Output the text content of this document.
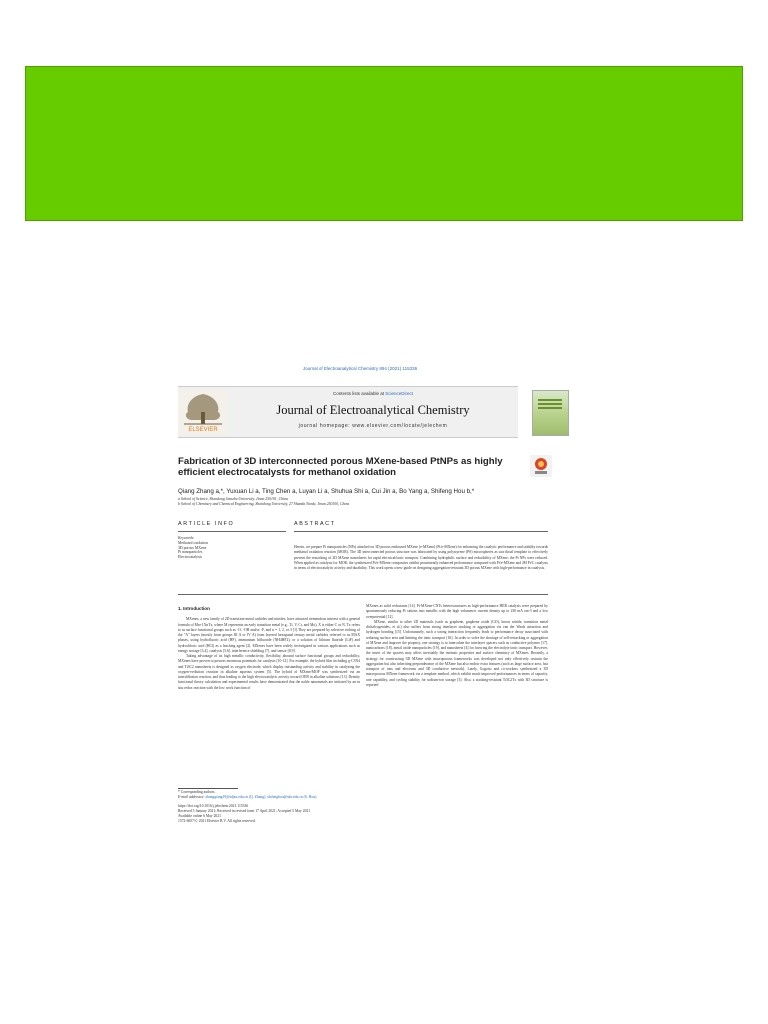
Journal of Electroanalytical Chemistry 894 (2021) 115336
ELSEVIER
Contents lists available at ScienceDirect
Journal of Electroanalytical Chemistry
journal homepage: www.elsevier.com/locate/jelechem
Fabrication of 3D interconnected porous MXene-based PtNPs as highly efficient electrocatalysts for methanol oxidation
Qiang Zhang a,*, Yuxuan Li a, Ting Chen a, Luyan Li a, Shuhua Shi a, Cui Jin a, Bo Yang a, Shifeng Hou b,*
a School of Science, Shandong Jianzhu University, Jinan 250101, China
b School of Chemistry and Chemical Engineering, Shandong University, 27 Shanda Nanlu, Jinan 250100, China
ARTICLE INFO
Keywords:
Methanol oxidation
3D porous MXene
Pt nanoparticles
Electrocatalysis
ABSTRACT
Herein, we prepare Pt nanoparticles (NPs) attached on 3D porous embossed MXene (e-MXene) (Pt/e-MXene) for enhancing the catalytic performance and stability towards methanol oxidation reaction (MOR). The 3D interconnected porous structure was fabricated by using polystyrene (PS) microspheres as sacrificial template to effectively prevent the restacking of 2D MXene nanosheets for rapid electrical/ionic transport. Combining hydrophilic surface and reducibility of MXene, the Pt NPs were reduced. When applied as catalysts for MOR, the synthesized Pt/e-MXene composites exhibit prominently enhanced performance compared with Pt/e-MXene and JM Pt/C catalysts in terms of electrocatalytic activity and durability. This work opens a new guide on designing aggregation-resistant 3D porous MXene with high-performance in catalysis.
1. Introduction

MXenes, a new family of 2D transition-metal carbides and nitrides, have attracted tremendous interest with a general formula of Mn+1XnTx, where M represents an early transition metal (e.g., Ti, V, Cr, and Mo), X is either C or N, Tx refers to as surface functional groups such as -O, -OH and/or -F, and n = 1, 2, or 3 [1].They are prepared by selective etching of the "A" layers (mostly from groups III A or IV A) from layered hexagonal ternary metal carbides referred to as MAX phases, using hydrofluoric acid (HF), ammonium bifluoride (NH4HF2), or a solution of lithium fluoride (LiF) and hydrochloric acid (HCl) as a leaching agent [2]. MXenes have been widely investigated in various applications such as energy storage [3,4], catalysis [5,6], interference shielding [7], and sensor [8,9].

Taking advantage of its high metallic conductivity, flexibility, abound surface functional groups and reducibility, MXenes have proven to possess enormous potentials for catalysis [10-12]. For example, the hybrid film including g-C3N4 and Ti3C2 nanosheets is designed as oxygen electrode, which display outstanding activity and stability in catalyzing the oxygen-evolution reaction in alkaline aqueous system [5]. The hybrid of MXene/MOF was synthesized via an interdiffusion reaction, and thus leading to the high electrocatalytic activity toward OER in alkaline solutions [13]. Density functional theory calculation and experimental results have demonstrated that the noble nanometals are initiated by an in situ redox reaction with the low work function of

MXenes as solid reductants [14]. Pt-MXene-CNTs heterostructures as high-performance HER catalysts were prepared by spontaneously reducing Pt cations into metallic with the high volumetric current density up to 230 mA cm-3 and a low overpotential [12].

MXene, similar to other 2D materials (such as graphene, graphene oxide (GO), boron nitride, transition metal dichalcogenides, et al.) also suffers from strong interlayer stacking or aggregation via van der Waals attraction and hydrogen bonding [15]. Unfortunately, such a strong interaction frequently leads to performance decay associated with reducing surface area and limiting the ionic transport [16]. In order to solve the shortage of self-restacking or aggregation of MXene and improve the property, one strategy is to intercalate the interlayer spacers such as conductive polymer [17], nanocarbons [18], metal oxide nanoparticles [19], and nanosheets [4] for favoring the electrolyte ionic transport. However, the insert of the spacers may affect inevitably the intrinsic properties and surface chemistry of MXenes. Recently, a strategy for constructing 3D MXene with macroporous frameworks was developed not only effectively restrain the aggregation but also inheriting preponderance of the MXene but also endow extra features (such as large surface area, fast transport of ions and electrons and 3D conductive network). Lately, Gogotsi and co-workers synthesized a 3D macroporous MXene framework via a template method, which exhibit much improved performances in terms of capacity, rate capability, and cycling stability for sodium-ion storage [3]. Also, a stacking-resistant Ti3C2Tx with 3D structure is reported

* Corresponding authors.
E-mail addresses: zhangqiang19@sdjzu.edu.cn (Q. Zhang), shifenghou@sdu.edu.cn (S. Hou).
https://doi.org/10.1016/j.jelechem.2021.115336
Received 5 January 2021; Received in revised form 17 April 2021; Accepted 5 May 2021
Available online 6 May 2021
1572-6657/© 2021 Elsevier B.V. All rights reserved.
